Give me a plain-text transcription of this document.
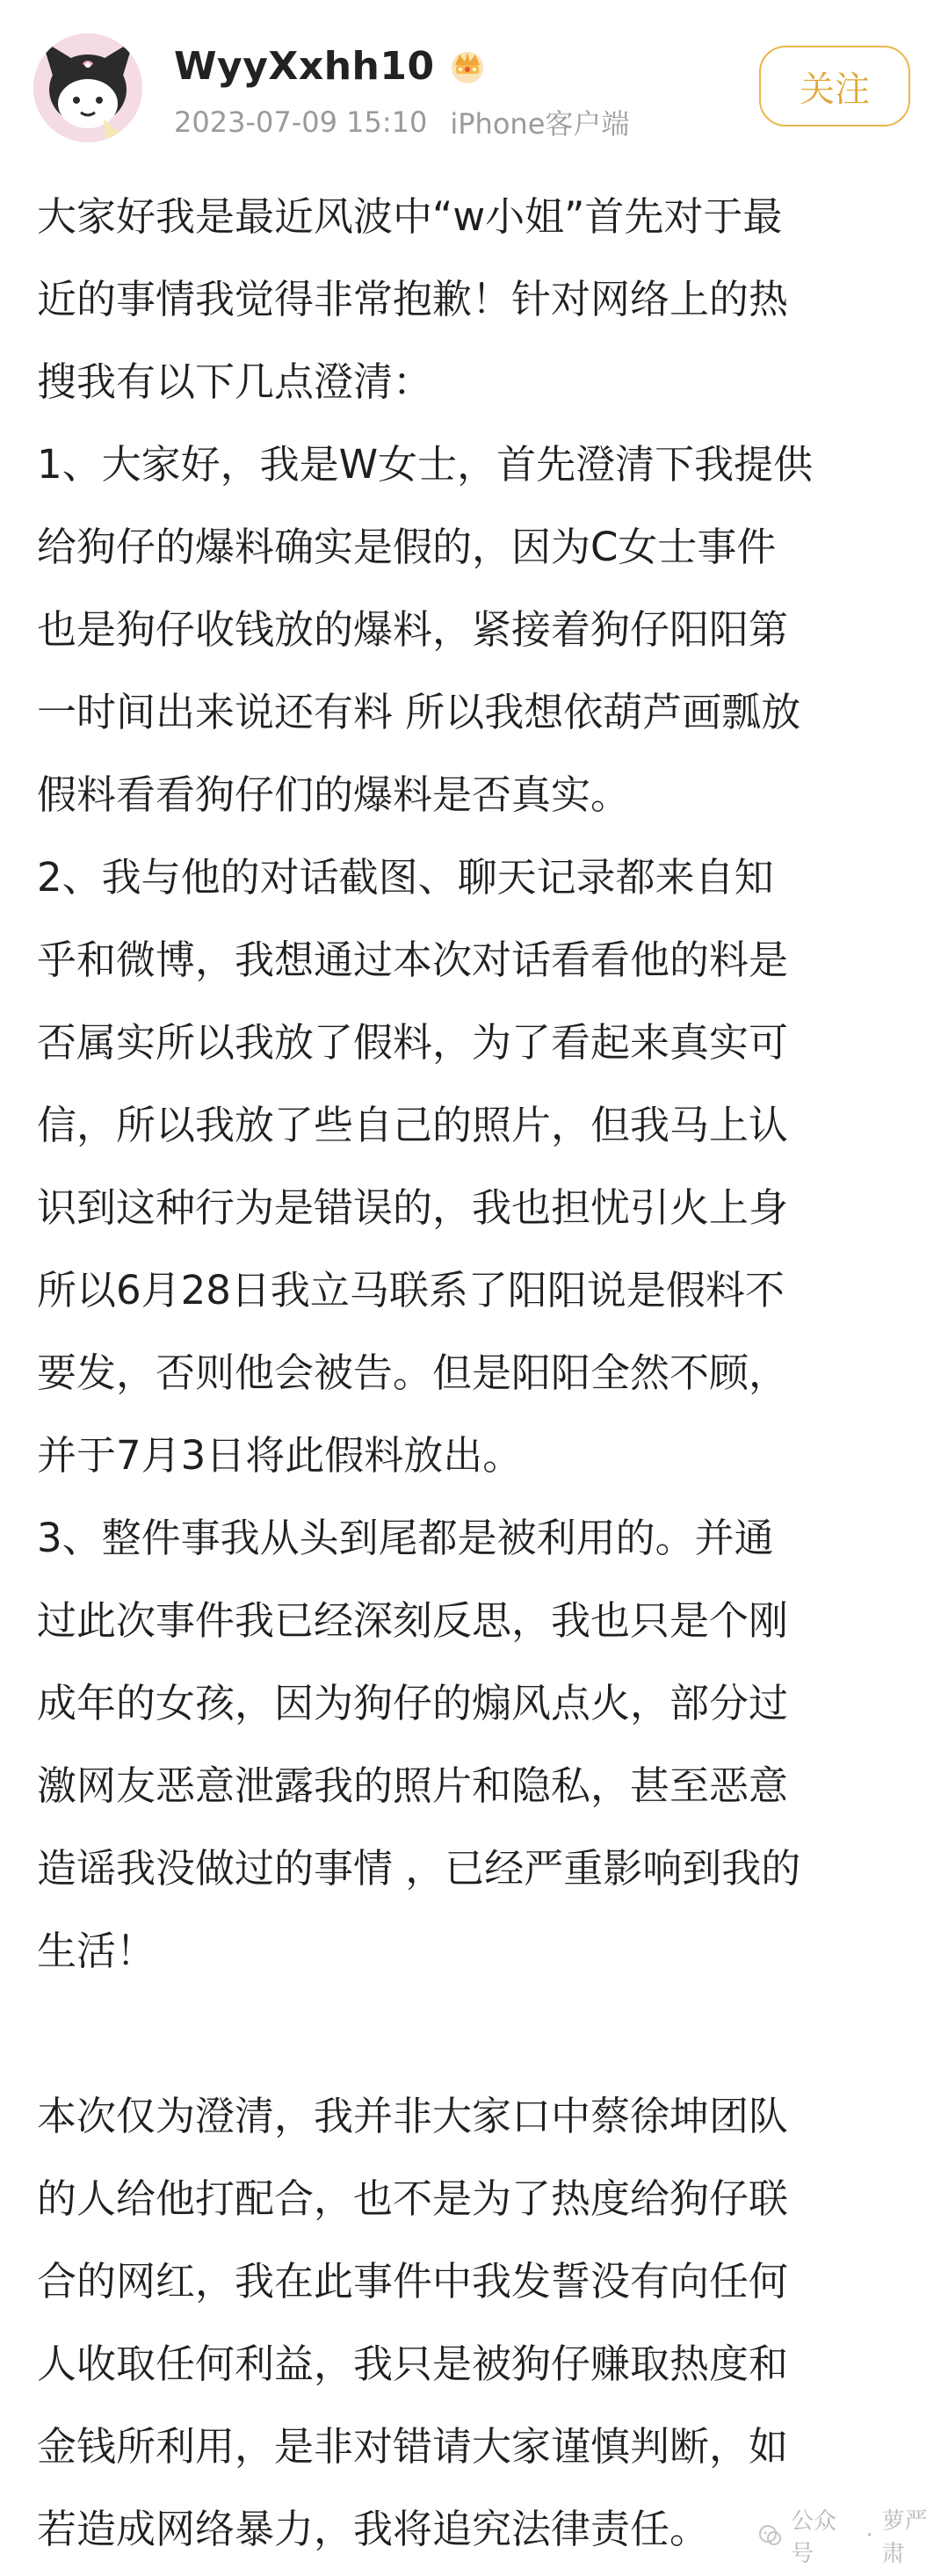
WyyXxhh10
2023-07-09 15:10 iPhone客户端
关注
大家好我是最近风波中“w小姐”首先对于最
近的事情我觉得非常抱歉！针对网络上的热
搜我有以下几点澄清：
1、大家好，我是W女士，首先澄清下我提供
给狗仔的爆料确实是假的，因为C女士事件
也是狗仔收钱放的爆料，紧接着狗仔阳阳第
一时间出来说还有料 所以我想依葫芦画瓢放
假料看看狗仔们的爆料是否真实。
2、我与他的对话截图、聊天记录都来自知
乎和微博，我想通过本次对话看看他的料是
否属实所以我放了假料，为了看起来真实可
信，所以我放了些自己的照片，但我马上认
识到这种行为是错误的，我也担忧引火上身
所以6月28日我立马联系了阳阳说是假料不
要发，否则他会被告。但是阳阳全然不顾，
并于7月3日将此假料放出。
3、整件事我从头到尾都是被利用的。并通
过此次事件我已经深刻反思，我也只是个刚
成年的女孩，因为狗仔的煽风点火，部分过
激网友恶意泄露我的照片和隐私，甚至恶意
造谣我没做过的事情 ，已经严重影响到我的
生活！
本次仅为澄清，我并非大家口中蔡徐坤团队
的人给他打配合，也不是为了热度给狗仔联
合的网红，我在此事件中我发誓没有向任何
人收取任何利益，我只是被狗仔赚取热度和
金钱所利用，是非对错请大家谨慎判断，如
若造成网络暴力，我将追究法律责任。	公众号
·
萝严肃
